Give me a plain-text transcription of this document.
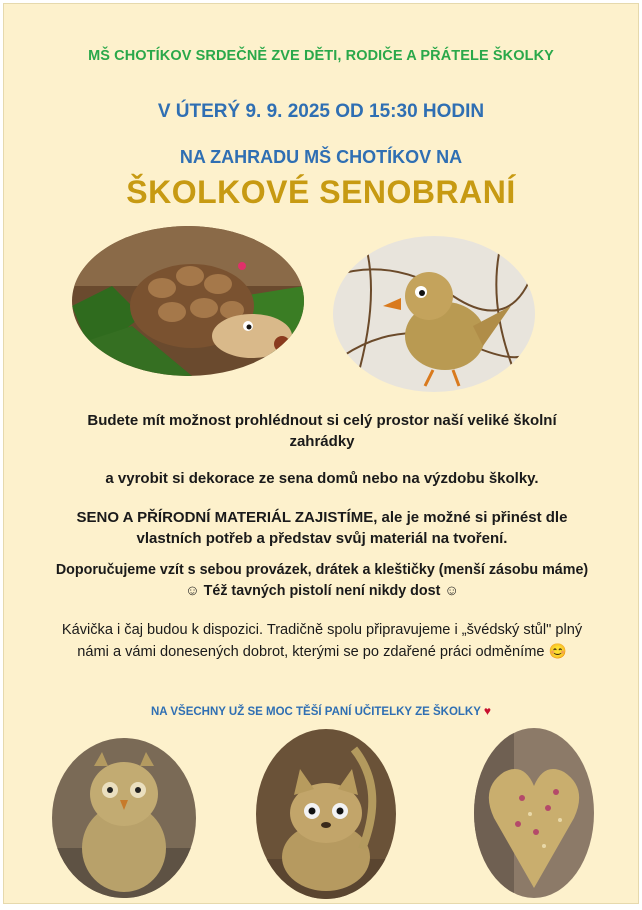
MŠ CHOTÍKOV SRDEČNĚ ZVE DĚTI, RODIČE A PŘÁTELE ŠKOLKY

V ÚTERÝ 9. 9. 2025 OD 15:30 HODIN

NA ZAHRADU MŠ CHOTÍKOV NA

ŠKOLKOVÉ SENOBRANÍ

Budete mít možnost prohlédnout si celý prostor naší veliké školní zahrádky

a vyrobit si dekorace ze sena domů nebo na výzdobu školky.

SENO A PŘÍRODNÍ MATERIÁL ZAJISTÍME, ale je možné si přinést dle vlastních potřeb a představ svůj materiál na tvoření.

Doporučujeme vzít s sebou provázek, drátek a kleštičky (menší zásobu máme) ☺ Též tavných pistolí není nikdy dost ☺

Kávička i čaj budou k dispozici. Tradičně spolu připravujeme i „švédský stůl" plný námi a vámi donesených dobrot, kterými se po zdařené práci odměníme 😊

NA VŠECHNY UŽ SE MOC TĚŠÍ PANÍ UČITELKY ZE ŠKOLKY ♥
